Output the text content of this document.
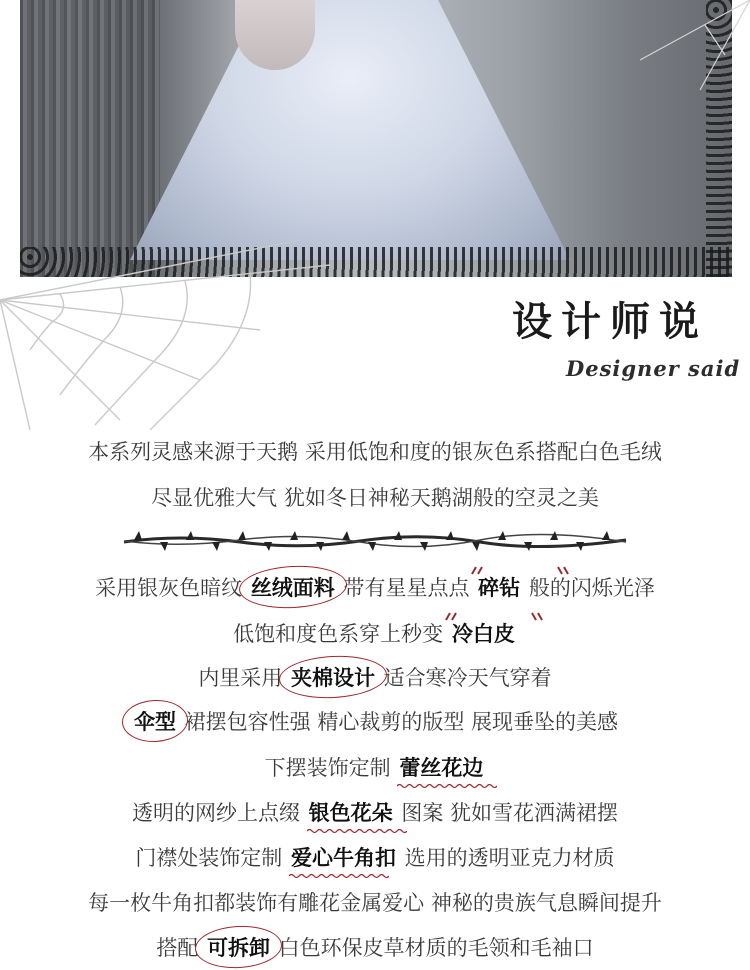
设计师说
Designer said
本系列灵感来源于天鹅 采用低饱和度的银灰色系搭配白色毛绒
尽显优雅大气 犹如冬日神秘天鹅湖般的空灵之美
采用银灰色暗纹 丝绒面料
带有星星点点 碎钻
般的闪烁光泽
低饱和度色系穿上秒变 冷白皮
内里采用 夹棉设计
适合寒冷天气穿着
伞型
裙摆包容性强 精心裁剪的版型 展现垂坠的美感
下摆装饰定制 蕾丝花边
透明的网纱上点缀 银色花朵
图案 犹如雪花洒满裙摆
门襟处装饰定制 爱心牛角扣
选用的透明亚克力材质
每一枚牛角扣都装饰有雕花金属爱心 神秘的贵族气息瞬间提升
搭配 可拆卸
白色环保皮草材质的毛领和毛袖口
